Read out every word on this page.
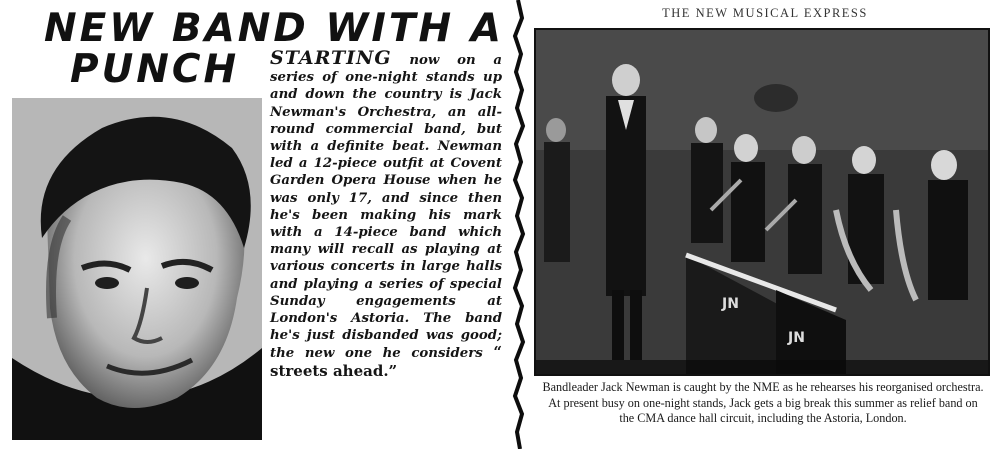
NEW BAND WITH A
PUNCH	STARTING now on a series of one-night stands up and down the country is Jack Newman's Orchestra, an all-round commercial band, but with a definite beat. Newman led a 12-piece outfit at Covent Garden Opera House when he was only 17, and since then he's been making his mark with a 14-piece band which many will recall as playing at various concerts in large halls and playing a series of special Sunday engagements at London's Astoria. The band he's just disbanded was good; the new one he considers “ streets ahead.”

THE NEW MUSICAL EXPRESS
JN
JN

Bandleader Jack Newman is caught by the NME as he rehearses his reorganised orchestra. At present busy on one-night stands, Jack gets a big break this summer as relief band on the CMA dance hall circuit, including the Astoria, London.
